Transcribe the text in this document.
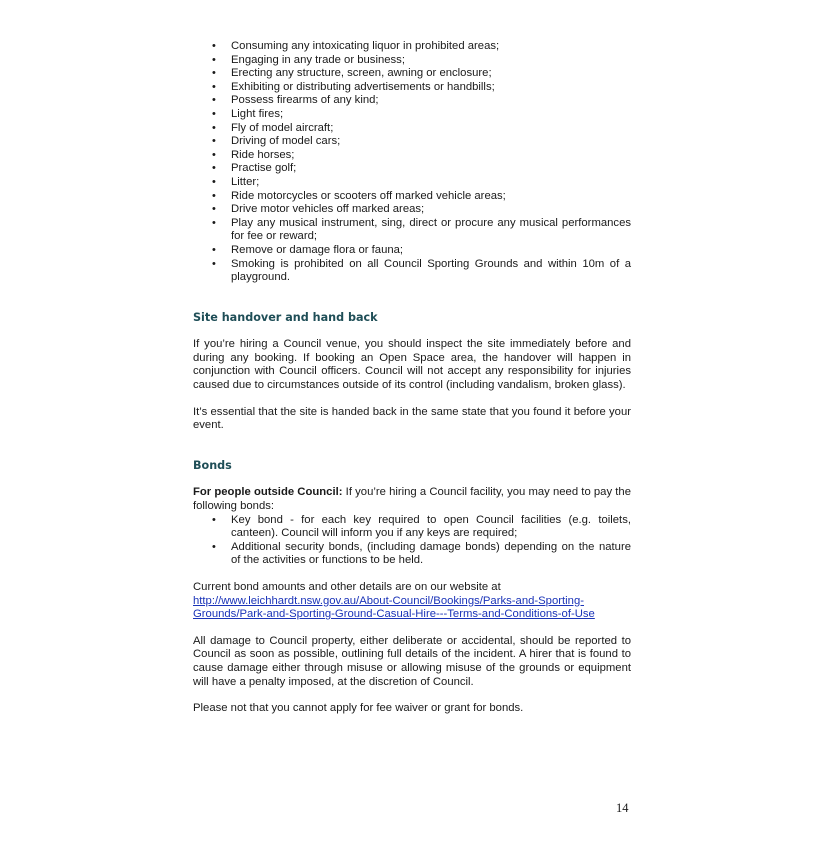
• Consuming any intoxicating liquor in prohibited areas;
• Engaging in any trade or business;
• Erecting any structure, screen, awning or enclosure;
• Exhibiting or distributing advertisements or handbills;
• Possess firearms of any kind;
• Light fires;
• Fly of model aircraft;
• Driving of model cars;
• Ride horses;
• Practise golf;
• Litter;
• Ride motorcycles or scooters off marked vehicle areas;
• Drive motor vehicles off marked areas;
• Play any musical instrument, sing, direct or procure any musical performances for fee or reward;
• Remove or damage flora or fauna;
• Smoking is prohibited on all Council Sporting Grounds and within 10m of a playground.
Site handover and hand back

If you’re hiring a Council venue, you should inspect the site immediately before and during any booking. If booking an Open Space area, the handover will happen in conjunction with Council officers. Council will not accept any responsibility for injuries caused due to circumstances outside of its control (including vandalism, broken glass).

It’s essential that the site is handed back in the same state that you found it before your event.

Bonds

For people outside Council: If you’re hiring a Council facility, you may need to pay the following bonds:

• Key bond - for each key required to open Council facilities (e.g. toilets, canteen). Council will inform you if any keys are required;
• Additional security bonds, (including damage bonds) depending on the nature of the activities or functions to be held.

Current bond amounts and other details are on our website at
http://www.leichhardt.nsw.gov.au/About-Council/Bookings/Parks-and-Sporting-
Grounds/Park-and-Sporting-Ground-Casual-Hire---Terms-and-Conditions-of-Use

All damage to Council property, either deliberate or accidental, should be reported to Council as soon as possible, outlining full details of the incident. A hirer that is found to cause damage either through misuse or allowing misuse of the grounds or equipment will have a penalty imposed, at the discretion of Council.

Please not that you cannot apply for fee waiver or grant for bonds.

14
